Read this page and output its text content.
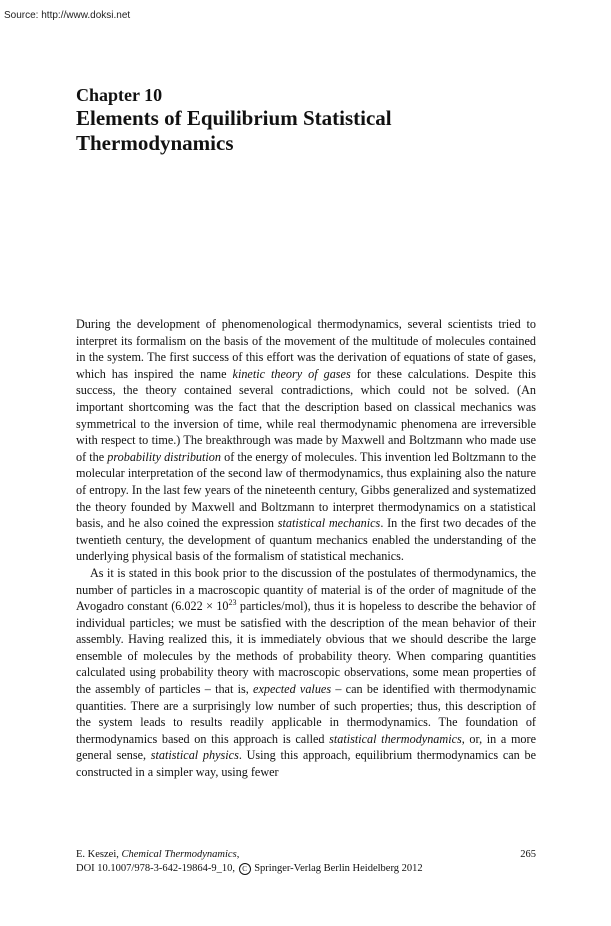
Source: http://www.doksi.net
Chapter 10
Elements of Equilibrium Statistical
Thermodynamics

During the development of phenomenological thermodynamics, several scientists tried to interpret its formalism on the basis of the movement of the multitude of molecules contained in the system. The first success of this effort was the derivation of equations of state of gases, which has inspired the name kinetic theory of gases for these calculations. Despite this success, the theory contained several contradictions, which could not be solved. (An important shortcoming was the fact that the description based on classical mechanics was symmetrical to the inversion of time, while real thermodynamic phenomena are irreversible with respect to time.) The breakthrough was made by Maxwell and Boltzmann who made use of the probability distribution of the energy of molecules. This invention led Boltzmann to the molecular interpretation of the second law of thermodynamics, thus explaining also the nature of entropy. In the last few years of the nineteenth century, Gibbs generalized and systematized the theory founded by Maxwell and Boltzmann to interpret thermodynamics on a statistical basis, and he also coined the expression statistical mechanics. In the first two decades of the twentieth century, the development of quantum mechanics enabled the understanding of the underlying physical basis of the formalism of statistical mechanics.

As it is stated in this book prior to the discussion of the postulates of thermodynamics, the number of particles in a macroscopic quantity of material is of the order of magnitude of the Avogadro constant ($6.022 \times 10^{23}$ particles/mol), thus it is hopeless to describe the behavior of individual particles; we must be satisfied with the description of the mean behavior of their assembly. Having realized this, it is immediately obvious that we should describe the large ensemble of molecules by the methods of probability theory. When comparing quantities calculated using probability theory with macroscopic observations, some mean properties of the assembly of particles – that is, expected values – can be identified with thermodynamic quantities. There are a surprisingly low number of such properties; thus, this description of the system leads to results readily applicable in thermodynamics. The foundation of thermodynamics based on this approach is called statistical thermodynamics, or, in a more general sense, statistical physics. Using this approach, equilibrium thermodynamics can be constructed in a simpler way, using fewer

E. Keszei, Chemical Thermodynamics,	265
DOI 10.1007/978-3-642-19864-9_10, C Springer-Verlag Berlin Heidelberg 2012
